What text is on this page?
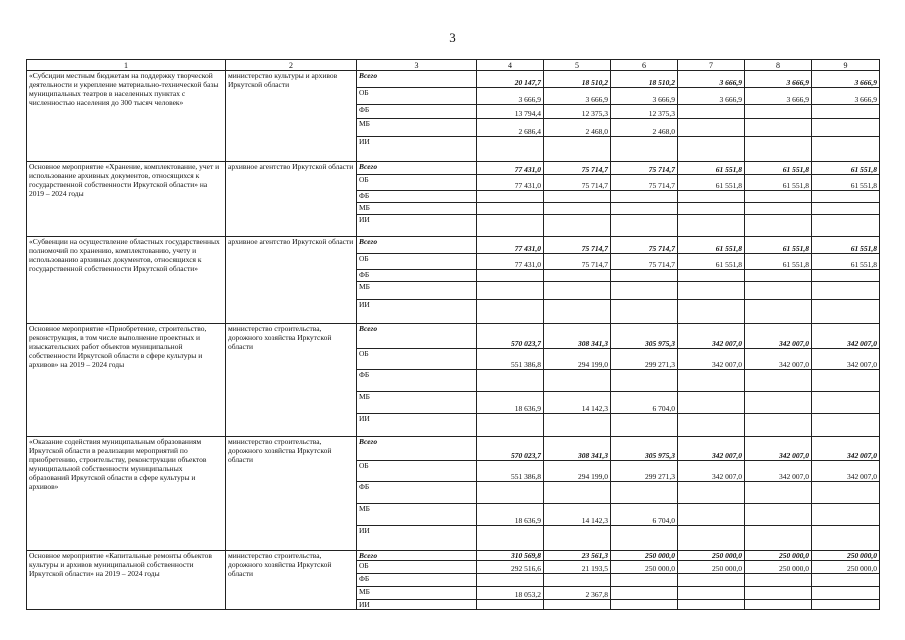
3
1	2	3	4	5	6	7	8	9
«Субсидии местным бюджетам на поддержку творческой деятельности и укрепление материально-технической базы муниципальных театров в населенных пунктах с численностью населения до 300 тысяч человек»	министерство культуры и архивов Иркутской области	Всего	20 147,7	18 510,2	18 510,2	3 666,9	3 666,9	3 666,9
		ОБ	3 666,9	3 666,9	3 666,9	3 666,9	3 666,9	3 666,9
		ФБ	13 794,4	12 375,3	12 375,3			
		МБ	2 686,4	2 468,0	2 468,0			
		ИИ						
Основное мероприятие «Хранение, комплектование, учет и использование архивных документов, относящихся к государственной собственности Иркутской области» на 2019 – 2024 годы	архивное агентство Иркутской области	Всего	77 431,0	75 714,7	75 714,7	61 551,8	61 551,8	61 551,8
		ОБ	77 431,0	75 714,7	75 714,7	61 551,8	61 551,8	61 551,8
		ФБ						
		МБ						
		ИИ						
«Субвенции на осуществление областных государственных полномочий по хранению, комплектованию, учету и использованию архивных документов, относящихся к государственной собственности Иркутской области»	архивное агентство Иркутской области	Всего	77 431,0	75 714,7	75 714,7	61 551,8	61 551,8	61 551,8
		ОБ	77 431,0	75 714,7	75 714,7	61 551,8	61 551,8	61 551,8
		ФБ						
		МБ						
		ИИ						
Основное мероприятие «Приобретение, строительство, реконструкция, в том числе выполнение проектных и изыскательских работ объектов муниципальной собственности Иркутской области в сфере культуры и архивов» на 2019 – 2024 годы	министерство строительства, дорожного хозяйства Иркутской области	Всего	570 023,7	308 341,3	305 975,3	342 007,0	342 007,0	342 007,0
		ОБ	551 386,8	294 199,0	299 271,3	342 007,0	342 007,0	342 007,0
		ФБ						
		МБ	18 636,9	14 142,3	6 704,0			
		ИИ						
«Оказание содействия муниципальным образованиям Иркутской области в реализации мероприятий по приобретению, строительству, реконструкции объектов муниципальной собственности муниципальных образований Иркутской области в сфере культуры и архивов»	министерство строительства, дорожного хозяйства Иркутской области	Всего	570 023,7	308 341,3	305 975,3	342 007,0	342 007,0	342 007,0
		ОБ	551 386,8	294 199,0	299 271,3	342 007,0	342 007,0	342 007,0
		ФБ						
		МБ	18 636,9	14 142,3	6 704,0			
		ИИ						
Основное мероприятие «Капитальные ремонты объектов культуры и архивов муниципальной собственности Иркутской области» на 2019 – 2024 годы	министерство строительства, дорожного хозяйства Иркутской области	Всего	310 569,8	23 561,3	250 000,0	250 000,0	250 000,0	250 000,0
		ОБ	292 516,6	21 193,5	250 000,0	250 000,0	250 000,0	250 000,0
		ФБ						
		МБ	18 053,2	2 367,8				
		ИИ						
